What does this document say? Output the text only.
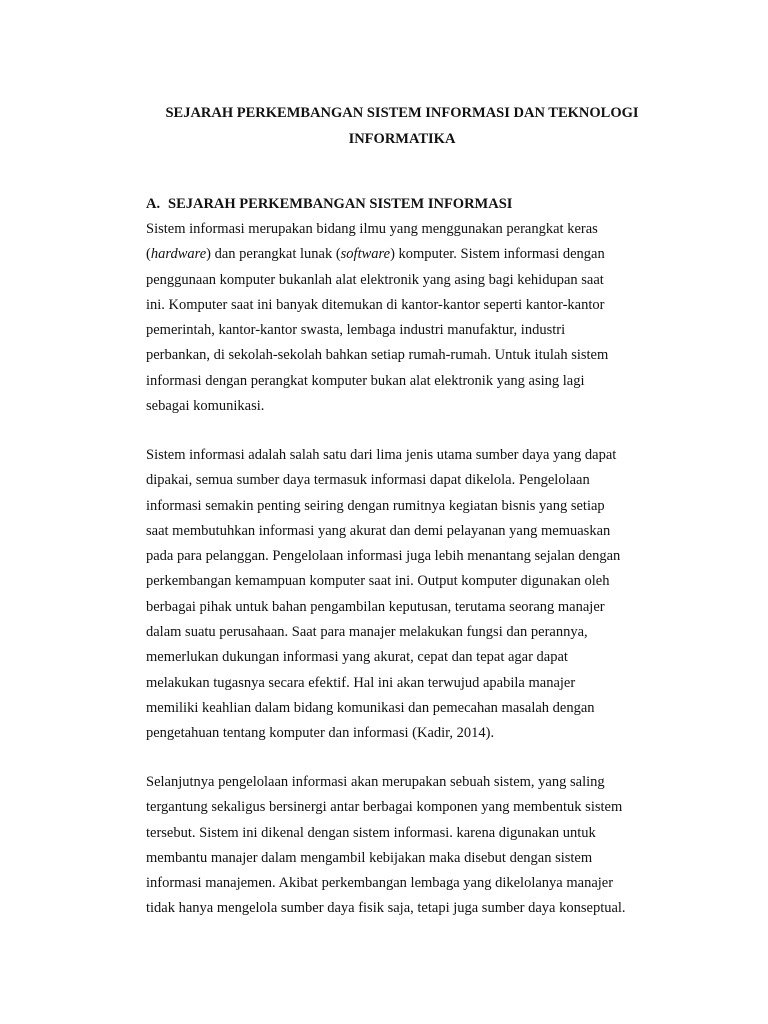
SEJARAH PERKEMBANGAN SISTEM INFORMASI DAN TEKNOLOGI
INFORMATIKA
A. SEJARAH PERKEMBANGAN SISTEM INFORMASI
Sistem informasi merupakan bidang ilmu yang menggunakan perangkat keras
(hardware) dan perangkat lunak (software) komputer. Sistem informasi dengan
penggunaan komputer bukanlah alat elektronik yang asing bagi kehidupan saat
ini. Komputer saat ini banyak ditemukan di kantor-kantor seperti kantor-kantor
pemerintah, kantor-kantor swasta, lembaga industri manufaktur, industri
perbankan, di sekolah-sekolah bahkan setiap rumah-rumah. Untuk itulah sistem
informasi dengan perangkat komputer bukan alat elektronik yang asing lagi
sebagai komunikasi.
Sistem informasi adalah salah satu dari lima jenis utama sumber daya yang dapat
dipakai, semua sumber daya termasuk informasi dapat dikelola. Pengelolaan
informasi semakin penting seiring dengan rumitnya kegiatan bisnis yang setiap
saat membutuhkan informasi yang akurat dan demi pelayanan yang memuaskan
pada para pelanggan. Pengelolaan informasi juga lebih menantang sejalan dengan
perkembangan kemampuan komputer saat ini. Output komputer digunakan oleh
berbagai pihak untuk bahan pengambilan keputusan, terutama seorang manajer
dalam suatu perusahaan. Saat para manajer melakukan fungsi dan perannya,
memerlukan dukungan informasi yang akurat, cepat dan tepat agar dapat
melakukan tugasnya secara efektif. Hal ini akan terwujud apabila manajer
memiliki keahlian dalam bidang komunikasi dan pemecahan masalah dengan
pengetahuan tentang komputer dan informasi (Kadir, 2014).
Selanjutnya pengelolaan informasi akan merupakan sebuah sistem, yang saling
tergantung sekaligus bersinergi antar berbagai komponen yang membentuk sistem
tersebut. Sistem ini dikenal dengan sistem informasi. karena digunakan untuk
membantu manajer dalam mengambil kebijakan maka disebut dengan sistem
informasi manajemen. Akibat perkembangan lembaga yang dikelolanya manajer
tidak hanya mengelola sumber daya fisik saja, tetapi juga sumber daya konseptual.
